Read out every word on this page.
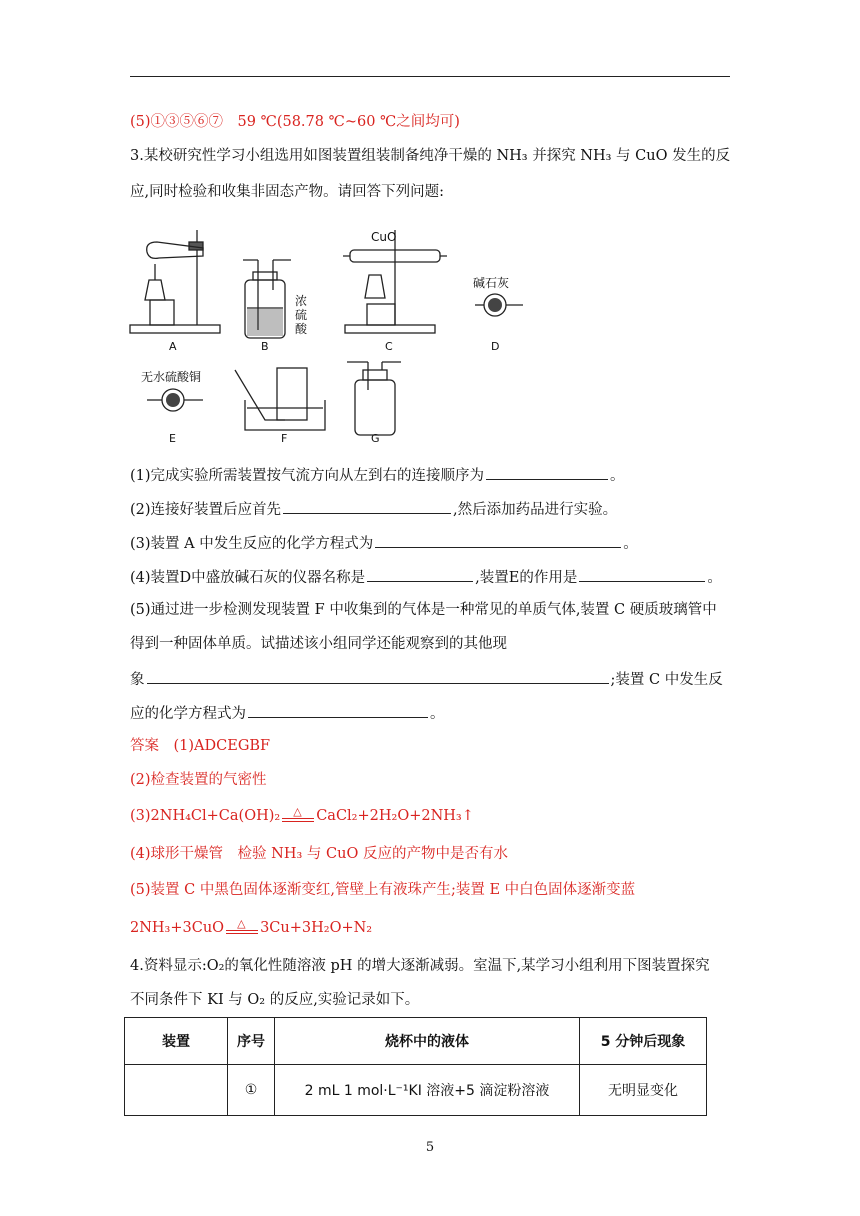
(5)①③⑤⑥⑦　59 ℃(58.78 ℃~60 ℃之间均可)
3.某校研究性学习小组选用如图装置组装制备纯净干燥的 NH₃ 并探究 NH₃ 与 CuO 发生的反
应,同时检验和收集非固态产物。请回答下列问题:
A	B	C	D
E	F	G
CuO
浓
硫
酸
碱石灰
无水硫酸铜
(1)完成实验所需装置按气流方向从左到右的连接顺序为	。
(2)连接好装置后应首先	,然后添加药品进行实验。
(3)装置 A 中发生反应的化学方程式为	。
(4)装置D中盛放碱石灰的仪器名称是	,装置E的作用是	。
(5)通过进一步检测发现装置 F 中收集到的气体是一种常见的单质气体,装置 C 硬质玻璃管中
得到一种固体单质。试描述该小组同学还能观察到的其他现
象	;装置 C 中发生反
应的化学方程式为	。
答案　(1)ADCEGBF
(2)检查装置的气密性
(3)2NH₄Cl+Ca(OH)₂ △ CaCl₂+2H₂O+2NH₃↑
(4)球形干燥管　检验 NH₃ 与 CuO 反应的产物中是否有水
(5)装置 C 中黑色固体逐渐变红,管壁上有液珠产生;装置 E 中白色固体逐渐变蓝
2NH₃+3CuO △ 3Cu+3H₂O+N₂
4.资料显示:O₂的氧化性随溶液 pH 的增大逐渐减弱。室温下,某学习小组利用下图装置探究
不同条件下 KI 与 O₂ 的反应,实验记录如下。
装置	序号	烧杯中的液体	5 分钟后现象
	①	2 mL 1 mol·L⁻¹KI 溶液+5 滴淀粉溶液	无明显变化
5
